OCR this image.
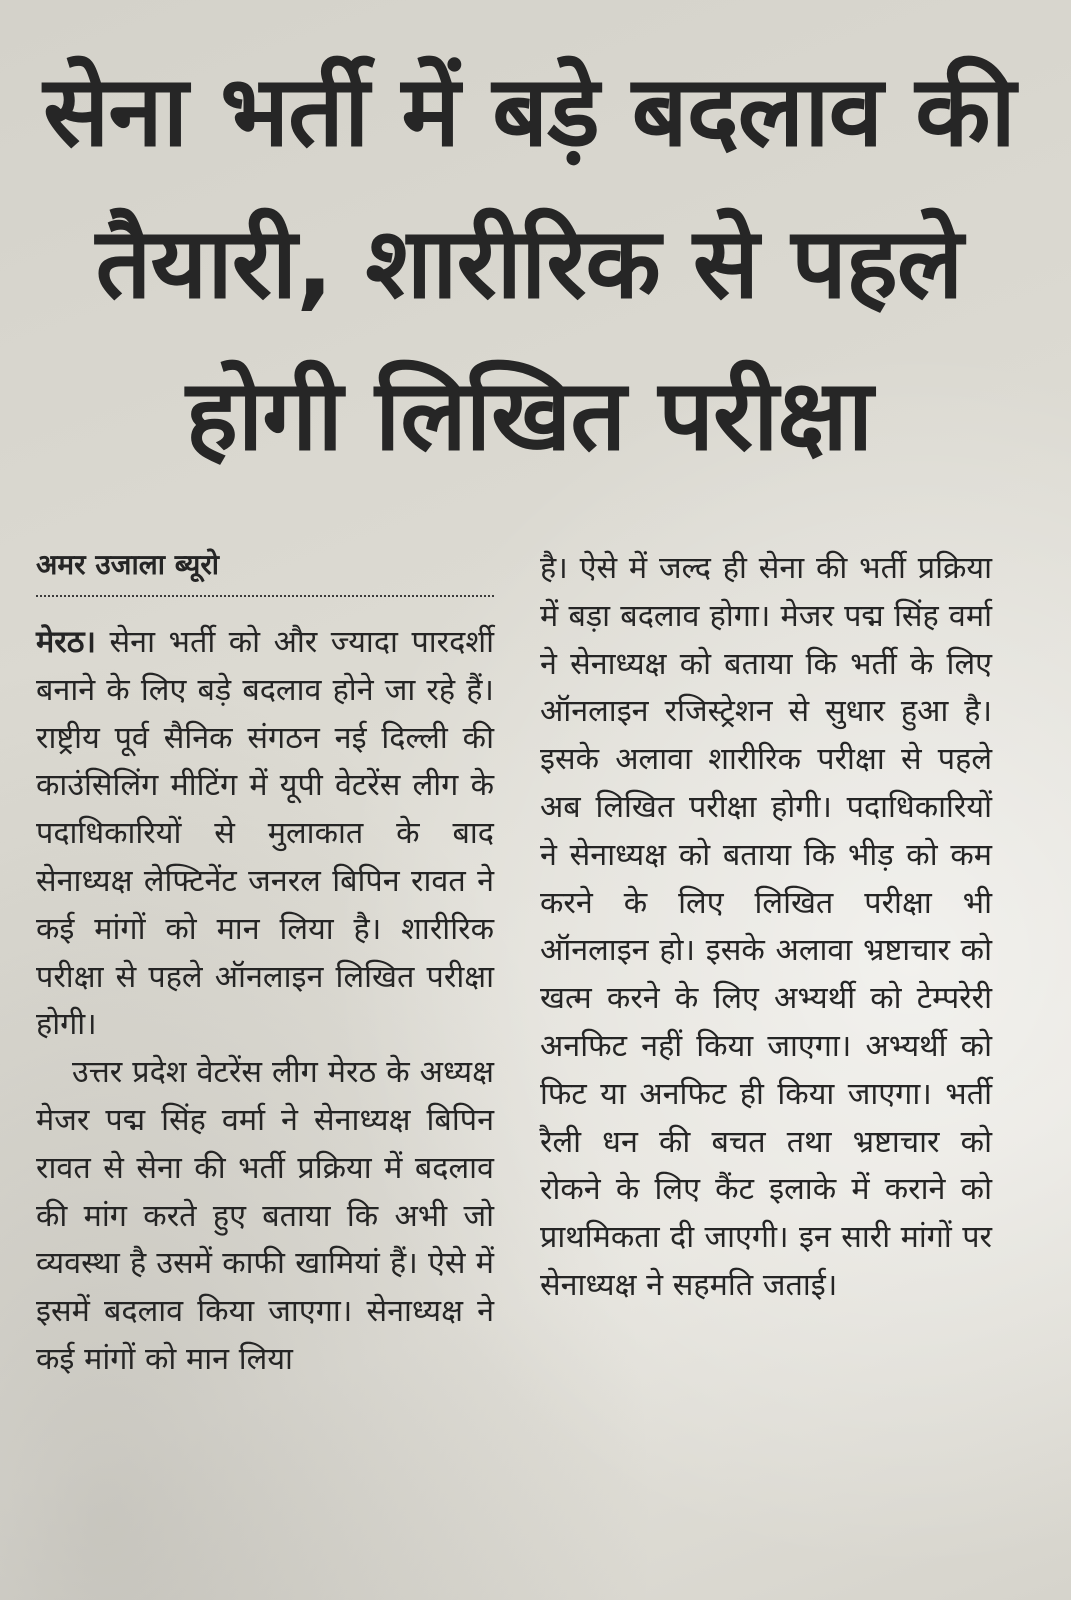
सेना भर्ती में बड़े बदलाव की तैयारी, शारीरिक से पहले होगी लिखित परीक्षा
अमर उजाला ब्यूरो

मेरठ। सेना भर्ती को और ज्यादा पारदर्शी बनाने के लिए बड़े बदलाव होने जा रहे हैं। राष्ट्रीय पूर्व सैनिक संगठन नई दिल्ली की काउंसिलिंग मीटिंग में यूपी वेटरेंस लीग के पदाधिकारियों से मुलाकात के बाद सेनाध्यक्ष लेफ्टिनेंट जनरल बिपिन रावत ने कई मांगों को मान लिया है। शारीरिक परीक्षा से पहले ऑनलाइन लिखित परीक्षा होगी।

उत्तर प्रदेश वेटरेंस लीग मेरठ के अध्यक्ष मेजर पद्म सिंह वर्मा ने सेनाध्यक्ष बिपिन रावत से सेना की भर्ती प्रक्रिया में बदलाव की मांग करते हुए बताया कि अभी जो व्यवस्था है उसमें काफी खामियां हैं। ऐसे में इसमें बदलाव किया जाएगा। सेनाध्यक्ष ने कई मांगों को मान लिया

है। ऐसे में जल्द ही सेना की भर्ती प्रक्रिया में बड़ा बदलाव होगा। मेजर पद्म सिंह वर्मा ने सेनाध्यक्ष को बताया कि भर्ती के लिए ऑनलाइन रजिस्ट्रेशन से सुधार हुआ है। इसके अलावा शारीरिक परीक्षा से पहले अब लिखित परीक्षा होगी। पदाधिकारियों ने सेनाध्यक्ष को बताया कि भीड़ को कम करने के लिए लिखित परीक्षा भी ऑनलाइन हो। इसके अलावा भ्रष्टाचार को खत्म करने के लिए अभ्यर्थी को टेम्परेरी अनफिट नहीं किया जाएगा। अभ्यर्थी को फिट या अनफिट ही किया जाएगा। भर्ती रैली धन की बचत तथा भ्रष्टाचार को रोकने के लिए कैंट इलाके में कराने को प्राथमिकता दी जाएगी। इन सारी मांगों पर सेनाध्यक्ष ने सहमति जताई।
